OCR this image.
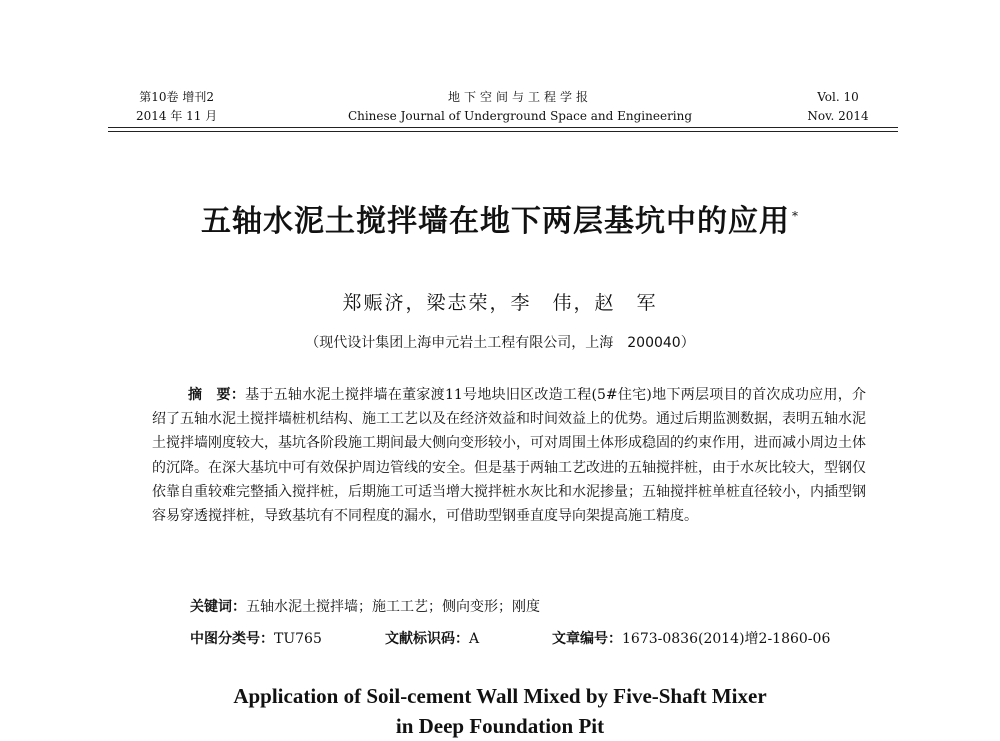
第10卷 增刊2
2014 年 11 月
地下空间与工程学报
Chinese Journal of Underground Space and Engineering
Vol. 10
Nov. 2014
五轴水泥土搅拌墙在地下两层基坑中的应用 *
郑赈济，梁志荣，李　伟，赵　军
（现代设计集团上海申元岩土工程有限公司，上海　200040）
摘　要：基于五轴水泥土搅拌墙在董家渡11号地块旧区改造工程(5#住宅)地下两层项目的首次成功应用，介绍了五轴水泥土搅拌墙桩机结构、施工工艺以及在经济效益和时间效益上的优势。通过后期监测数据，表明五轴水泥土搅拌墙刚度较大，基坑各阶段施工期间最大侧向变形较小，可对周围土体形成稳固的约束作用，进而减小周边土体的沉降。在深大基坑中可有效保护周边管线的安全。但是基于两轴工艺改进的五轴搅拌桩，由于水灰比较大，型钢仅依靠自重较难完整插入搅拌桩，后期施工可适当增大搅拌桩水灰比和水泥掺量；五轴搅拌桩单桩直径较小，内插型钢容易穿透搅拌桩，导致基坑有不同程度的漏水，可借助型钢垂直度导向架提高施工精度。
关键词：五轴水泥土搅拌墙；施工工艺；侧向变形；刚度
中图分类号：TU765	文献标识码：A	文章编号：1673-0836(2014)增2-1860-06
Application of Soil-cement Wall Mixed by Five-Shaft Mixer
in Deep Foundation Pit
